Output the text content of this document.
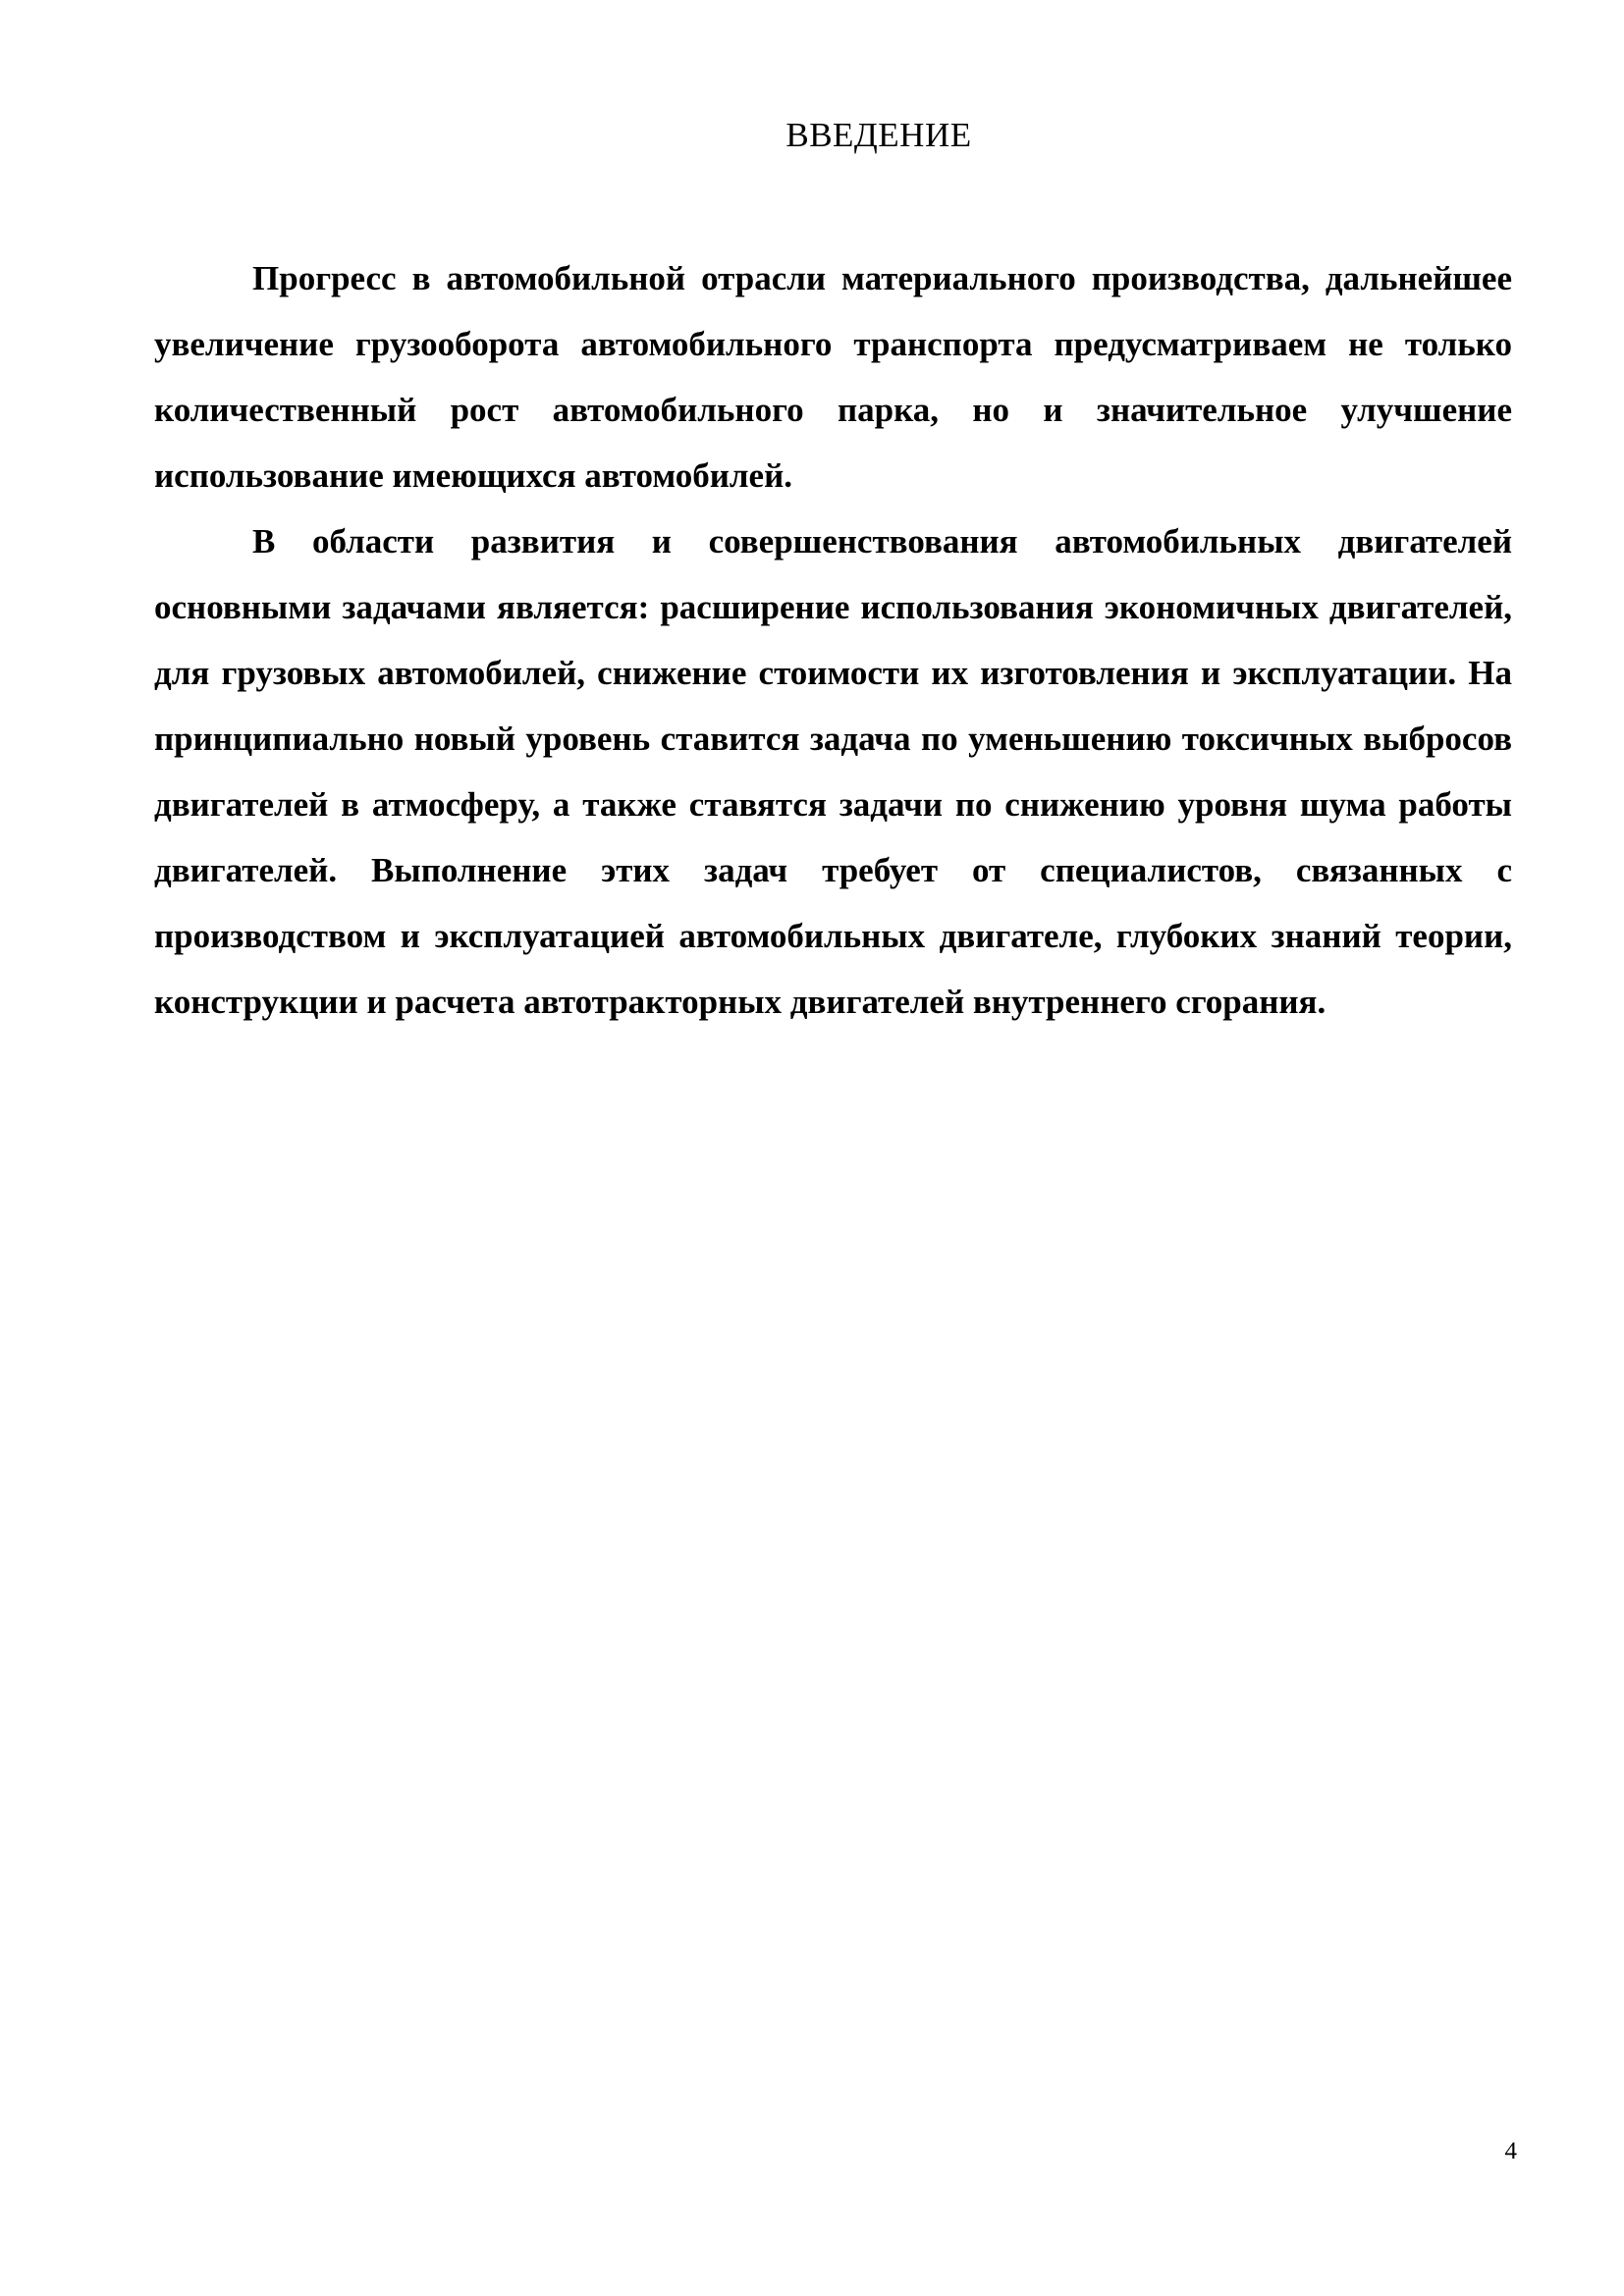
ВВЕДЕНИЕ

Прогресс в автомобильной отрасли материального производства, дальнейшее увеличение грузооборота автомобильного транспорта предусматриваем не только количественный рост автомобильного парка, но и значительное улучшение использование имеющихся автомобилей.

В области развития и совершенствования автомобильных двигателей основными задачами является: расширение использования экономичных двигателей, для грузовых автомобилей, снижение стоимости их изготовления и эксплуатации. На принципиально новый уровень ставится задача по уменьшению токсичных выбросов двигателей в атмосферу, а также ставятся задачи по снижению уровня шума работы двигателей. Выполнение этих задач требует от специалистов, связанных с производством и эксплуатацией автомобильных двигателе, глубоких знаний теории, конструкции и расчета автотракторных двигателей внутреннего сгорания.

4
